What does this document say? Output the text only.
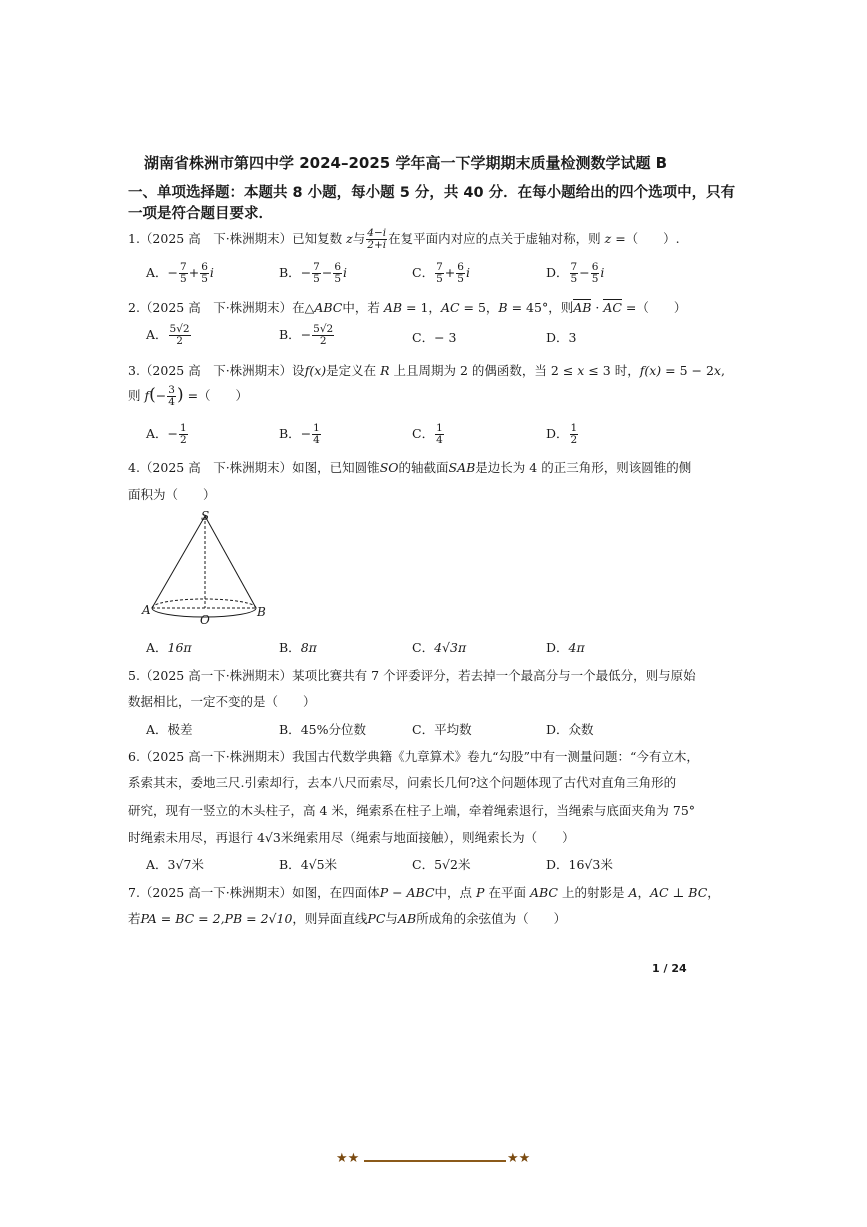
湖南省株洲市第四中学 2024–2025 学年高一下学期期末质量检测数学试题 B
一、单项选择题：本题共 8 小题，每小题 5 分，共 40 分．在每小题给出的四个选项中，只有
一项是符合题目要求．
1.（2025 高　下·株洲期末）已知复数 z与 $\frac{4-i}{2+i}$ 在复平面内对应的点关于虚轴对称，则 z =（　　）.
A．− $\frac{7}{5} + \frac{6}{5}$ i	B．− $\frac{7}{5} - \frac{6}{5}$ i	C． $\frac{7}{5} + \frac{6}{5}$ i	D． $\frac{7}{5} - \frac{6}{5}$ i
2.（2025 高　下·株洲期末）在△ABC中，若 AB = 1，AC = 5，B = 45°，则AB · AC =（　　）
A． $\frac{5√2}{2}$	B．− $\frac{5√2}{2}$	C．− 3	D．3
3.（2025 高　下·株洲期末）设f(x)是定义在 R 上且周期为 2 的偶函数，当 2 ≤ x ≤ 3 时，f(x) = 5 − 2x,
则 $f(- \frac{3}{4}$ ) =（　　）
A．− $\frac{1}{2}$	B．− $\frac{1}{4}$	C． $\frac{1}{4}$	D． $\frac{1}{2}$
4.（2025 高　下·株洲期末）如图，已知圆锥SO的轴截面SAB是边长为 4 的正三角形，则该圆锥的侧
面积为（　　）
S
A	B
O
A．16π	B．8π	C．4√3π	D．4π
5.（2025 高一下·株洲期末）某项比赛共有 7 个评委评分，若去掉一个最高分与一个最低分，则与原始
数据相比，一定不变的是（　　）
A．极差	B．45%分位数	C．平均数	D．众数
6.（2025 高一下·株洲期末）我国古代数学典籍《九章算术》卷九“勾股”中有一测量问题：“今有立木，
系索其末，委地三尺.引索却行，去本八尺而索尽，问索长几何?这个问题体现了古代对直角三角形的
研究，现有一竖立的木头柱子，高 4 米，绳索系在柱子上端，牵着绳索退行，当绳索与底面夹角为 75°
时绳索未用尽，再退行 4√3米绳索用尽（绳索与地面接触），则绳索长为（　　）
A．3√7米	B．4√5米	C．5√2米	D．16√3米
7.（2025 高一下·株洲期末）如图，在四面体P − ABC中，点 P 在平面 ABC 上的射影是 A，AC ⊥ BC，
若PA = BC = 2,PB = 2√10，则异面直线PC与AB所成角的余弦值为（　　）
1 / 24
★★	★★
